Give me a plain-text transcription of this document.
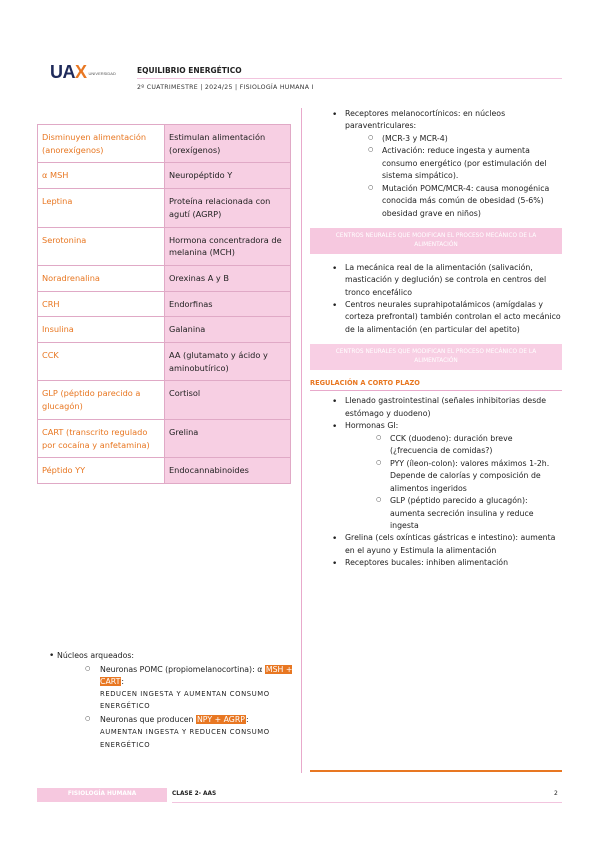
UAX UNIVERSIDAD	EQUILIBRIO ENERGÉTICO
2º CUATRIMESTRE | 2024/25 | FISIOLOGÍA HUMANA I
Disminuyen alimentación (anorexígenos)	Estimulan alimentación (orexígenos)
α MSH	Neuropéptido Y
Leptina	Proteína relacionada con agutí (AGRP)
Serotonina	Hormona concentradora de melanina (MCH)
Noradrenalina	Orexinas A y B
CRH	Endorfinas
Insulina	Galanina
CCK	AA (glutamato y ácido y aminobutírico)
GLP (péptido parecido a glucagón)	Cortisol
CART (transcrito regulado por cocaína y anfetamina)	Grelina
Péptido YY	Endocannabinoides
• Núcleos arqueados:
○ Neuronas POMC (propiomelanocortina): α MSH + CART:
REDUCEN INGESTA Y AUMENTAN CONSUMO ENERGÉTICO
○ Neuronas que producen NPY + AGRP:
AUMENTAN INGESTA Y REDUCEN CONSUMO ENERGÉTICO
• Receptores melanocortínicos: en núcleos paraventriculares:
○ (MCR-3 y MCR-4)
○ Activación: reduce ingesta y aumenta consumo energético (por estimulación del sistema simpático).
○ Mutación POMC/MCR-4: causa monogénica conocida más común de obesidad (5-6%) obesidad grave en niños)
CENTROS NEURALES QUE MODIFICAN EL PROCESO MECÁNICO DE LA ALIMENTACIÓN
• La mecánica real de la alimentación (salivación, masticación y deglución) se controla en centros del tronco encefálico
• Centros neurales suprahipotalámicos (amígdalas y corteza prefrontal) también controlan el acto mecánico de la alimentación (en particular del apetito)
CENTROS NEURALES QUE MODIFICAN EL PROCESO MECÁNICO DE LA ALIMENTACIÓN
REGULACIÓN A CORTO PLAZO
• Llenado gastrointestinal (señales inhibitorias desde estómago y duodeno)
• Hormonas GI:
○ CCK (duodeno): duración breve (¿frecuencia de comidas?)
○ PYY (íleon-colon): valores máximos 1-2h. Depende de calorías y composición de alimentos ingeridos
○ GLP (péptido parecido a glucagón): aumenta secreción insulina y reduce ingesta
• Grelina (cels oxínticas gástricas e intestino): aumenta en el ayuno y Estimula la alimentación
• Receptores bucales: inhiben alimentación
FISIOLOGÍA HUMANA	CLASE 2- AAS	2
